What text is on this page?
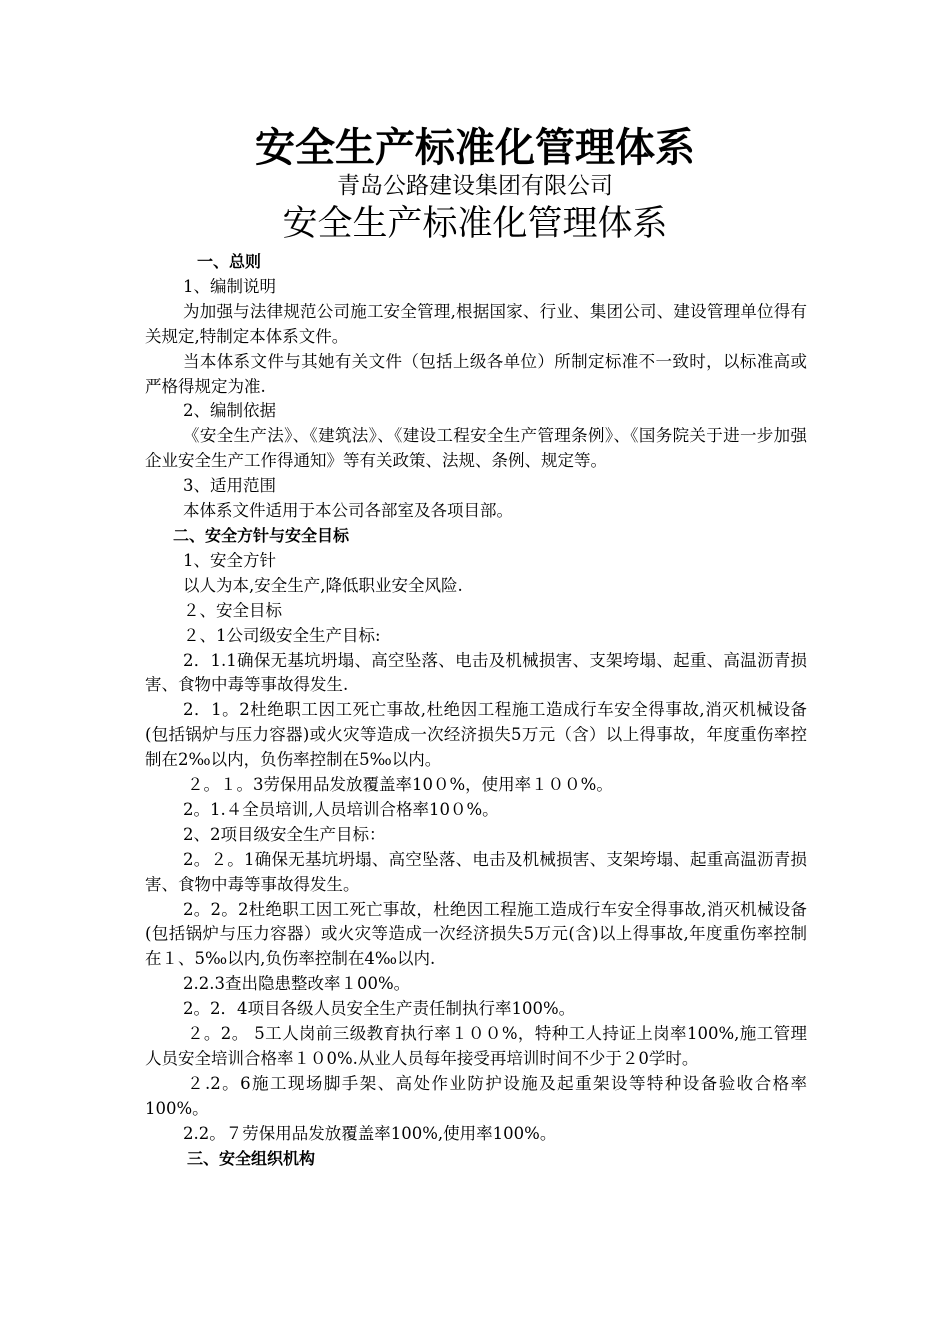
安全生产标准化管理体系
青岛公路建设集团有限公司
安全生产标准化管理体系

一、总则

1、编制说明

为加强与法律规范公司施工安全管理,根据国家、行业、集团公司、建设管理单位得有关规定,特制定本体系文件。

当本体系文件与其她有关文件（包括上级各单位）所制定标准不一致时，以标准高或严格得规定为准.

2、编制依据

《安全生产法》、《建筑法》、《建设工程安全生产管理条例》、《国务院关于进一步加强企业安全生产工作得通知》等有关政策、法规、条例、规定等。

3、适用范围

本体系文件适用于本公司各部室及各项目部。

二、安全方针与安全目标

1、安全方针

以人为本,安全生产,降低职业安全风险.

２、安全目标

２、1公司级安全生产目标:

2．1.1确保无基坑坍塌、高空坠落、电击及机械损害、支架垮塌、起重、高温沥青损害、食物中毒等事故得发生.

2．1。2杜绝职工因工死亡事故,杜绝因工程施工造成行车安全得事故,消灭机械设备(包括锅炉与压力容器)或火灾等造成一次经济损失5万元（含）以上得事故，年度重伤率控制在2‰以内，负伤率控制在5‰以内。

２。１。3劳保用品发放覆盖率10０%，使用率１００%。

2。1.４全员培训,人员培训合格率10０%。

2、2项目级安全生产目标：

2。２。1确保无基坑坍塌、高空坠落、电击及机械损害、支架垮塌、起重高温沥青损害、食物中毒等事故得发生。

2。2。2杜绝职工因工死亡事故，杜绝因工程施工造成行车安全得事故,消灭机械设备(包括锅炉与压力容器）或火灾等造成一次经济损失5万元(含)以上得事故,年度重伤率控制在１、5‰以内,负伤率控制在4‰以内.

2.2.3查出隐患整改率１00%。

2。2．4项目各级人员安全生产责任制执行率100%。

２。2。 5工人岗前三级教育执行率１００%，特种工人持证上岗率100%,施工管理人员安全培训合格率１０0%.从业人员每年接受再培训时间不少于２0学时。

２.2。6施工现场脚手架、高处作业防护设施及起重架设等特种设备验收合格率100%。

2.2。７劳保用品发放覆盖率100%,使用率100%。

三、安全组织机构
